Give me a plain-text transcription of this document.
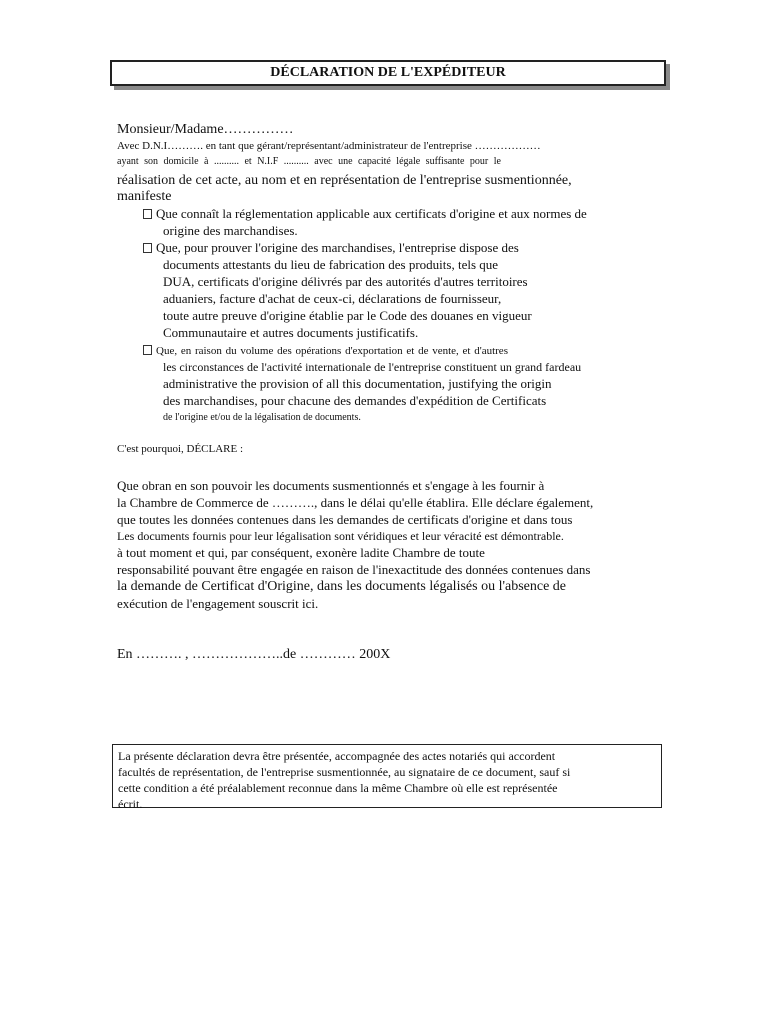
DÉCLARATION DE L'EXPÉDITEUR
Monsieur/Madame……………
Avec D.N.I………. en tant que gérant/représentant/administrateur de l'entreprise ………………
ayant son domicile à .......... et N.I.F .......... avec une capacité légale suffisante pour le
réalisation de cet acte, au nom et en représentation de l'entreprise susmentionnée,
manifeste
Que connaît la réglementation applicable aux certificats d'origine et aux normes de
origine des marchandises.
Que, pour prouver l'origine des marchandises, l'entreprise dispose des
documents attestants du lieu de fabrication des produits, tels que
DUA, certificats d'origine délivrés par des autorités d'autres territoires
aduaniers, facture d'achat de ceux-ci, déclarations de fournisseur,
toute autre preuve d'origine établie par le Code des douanes en vigueur
Communautaire et autres documents justificatifs.
Que, en raison du volume des opérations d'exportation et de vente, et d'autres
les circonstances de l'activité internationale de l'entreprise constituent un grand fardeau
administrative the provision of all this documentation, justifying the origin
des marchandises, pour chacune des demandes d'expédition de Certificats
de l'origine et/ou de la légalisation de documents.
C'est pourquoi, DÉCLARE :
Que obran en son pouvoir les documents susmentionnés et s'engage à les fournir à
la Chambre de Commerce de ………., dans le délai qu'elle établira. Elle déclare également,
que toutes les données contenues dans les demandes de certificats d'origine et dans tous
Les documents fournis pour leur légalisation sont véridiques et leur véracité est démontrable.
à tout moment et qui, par conséquent, exonère ladite Chambre de toute
responsabilité pouvant être engagée en raison de l'inexactitude des données contenues dans
la demande de Certificat d'Origine, dans les documents légalisés ou l'absence de
exécution de l'engagement souscrit ici.
En ………. , ………………..de ………… 200X
La présente déclaration devra être présentée, accompagnée des actes notariés qui accordent
facultés de représentation, de l'entreprise susmentionnée, au signataire de ce document, sauf si
cette condition a été préalablement reconnue dans la même Chambre où elle est représentée
écrit.
